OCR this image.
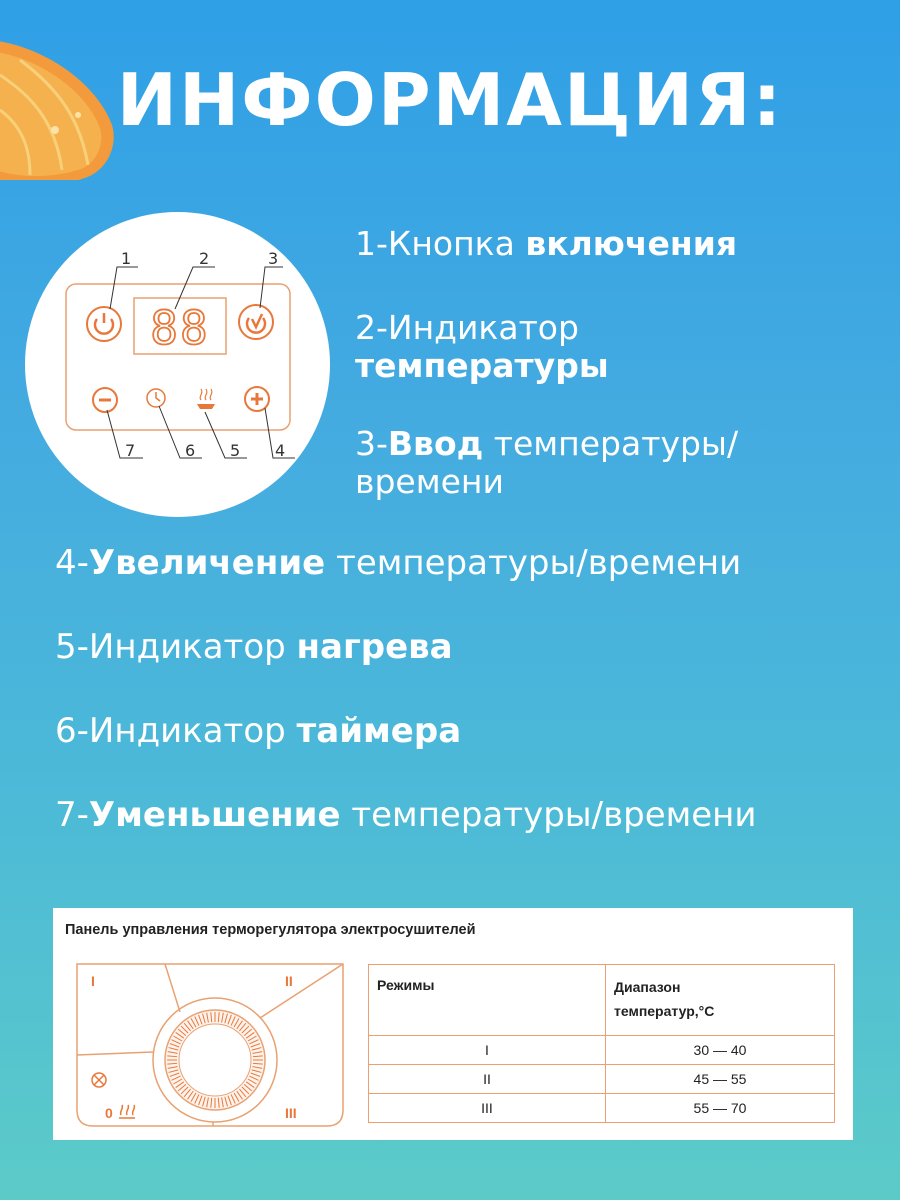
ИНФОРМАЦИЯ:
88
1	2	3
4
5
6
7
1-Кнопка включения
2-Индикатор
температуры
3-Ввод температуры/
времени
4-Увеличение температуры/времени
5-Индикатор нагрева
6-Индикатор таймера
7-Уменьшение температуры/времени
Панель управления терморегулятора электросушителей
I	II
III
0
Режимы	Диапазон
температур,°С
I	30 — 40
II	45 — 55
III	55 — 70
